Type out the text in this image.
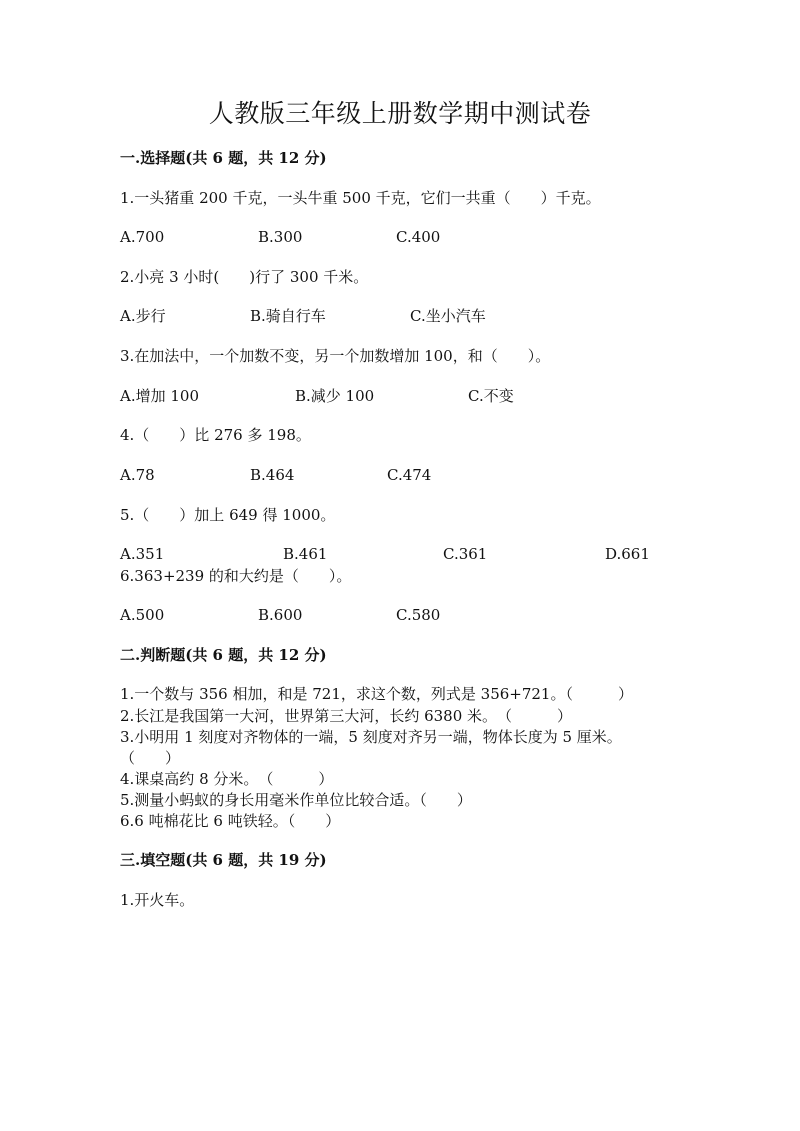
人教版三年级上册数学期中测试卷
一.选择题(共 6 题，共 12 分)
1.一头猪重 200 千克，一头牛重 500 千克，它们一共重（　　）千克。
A.700	B.300	C.400
2.小亮 3 小时(　　)行了 300 千米。
A.步行	B.骑自行车	C.坐小汽车
3.在加法中，一个加数不变，另一个加数增加 100，和（　　）。
A.增加 100	B.减少 100	C.不变
4.（　　）比 276 多 198。
A.78	B.464	C.474
5.（　　）加上 649 得 1000。
A.351	B.461	C.361	D.661
6.363+239 的和大约是（　　）。
A.500	B.600	C.580
二.判断题(共 6 题，共 12 分)
1.一个数与 356 相加，和是 721，求这个数，列式是 356+721。（　　　）
2.长江是我国第一大河，世界第三大河，长约 6380 米。　（　　　）
3.小明用 1 刻度对齐物体的一端，5 刻度对齐另一端，物体长度为 5 厘米。
（　　）
4.课桌高约 8 分米。　（　　　）
5.测量小蚂蚁的身长用毫米作单位比较合适。（　　）
6.6 吨棉花比 6 吨铁轻。（　　）
三.填空题(共 6 题，共 19 分)
1.开火车。
